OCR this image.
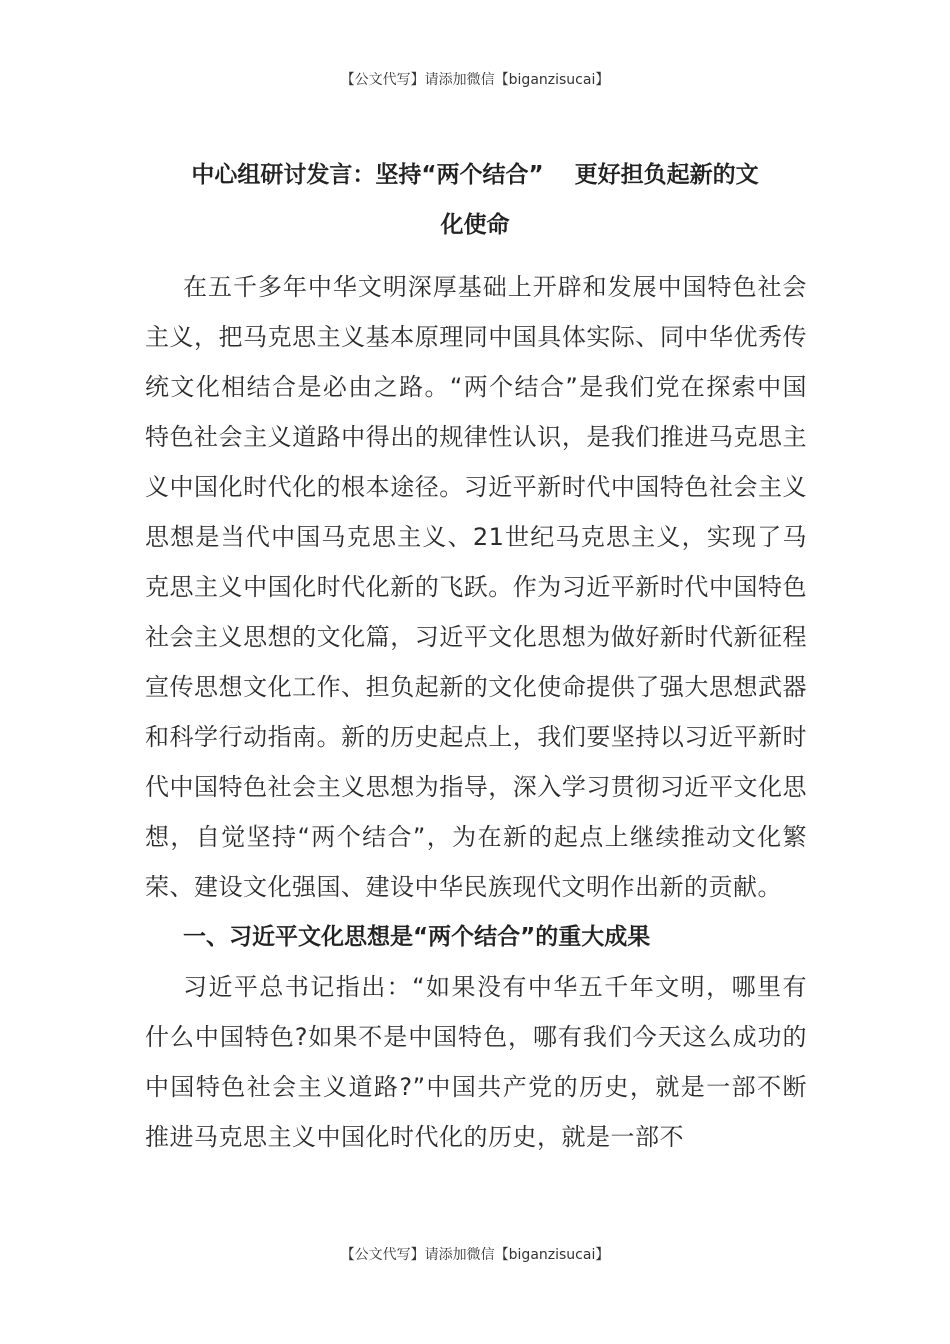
【公文代写】请添加微信【biganzisucai】
中心组研讨发言：坚持“两个结合”　 更好担负起新的文
化使命

在五千多年中华文明深厚基础上开辟和发展中国特色社会主义，把马克思主义基本原理同中国具体实际、同中华优秀传统文化相结合是必由之路。“两个结合”是我们党在探索中国特色社会主义道路中得出的规律性认识，是我们推进马克思主义中国化时代化的根本途径。习近平新时代中国特色社会主义思想是当代中国马克思主义、21世纪马克思主义，实现了马克思主义中国化时代化新的飞跃。作为习近平新时代中国特色社会主义思想的文化篇，习近平文化思想为做好新时代新征程宣传思想文化工作、担负起新的文化使命提供了强大思想武器和科学行动指南。新的历史起点上，我们要坚持以习近平新时代中国特色社会主义思想为指导，深入学习贯彻习近平文化思想，自觉坚持“两个结合”，为在新的起点上继续推动文化繁荣、建设文化强国、建设中华民族现代文明作出新的贡献。

一、习近平文化思想是“两个结合”的重大成果

习近平总书记指出：“如果没有中华五千年文明，哪里有什么中国特色?如果不是中国特色，哪有我们今天这么成功的中国特色社会主义道路?”中国共产党的历史，就是一部不断推进马克思主义中国化时代化的历史，就是一部不

【公文代写】请添加微信【biganzisucai】
